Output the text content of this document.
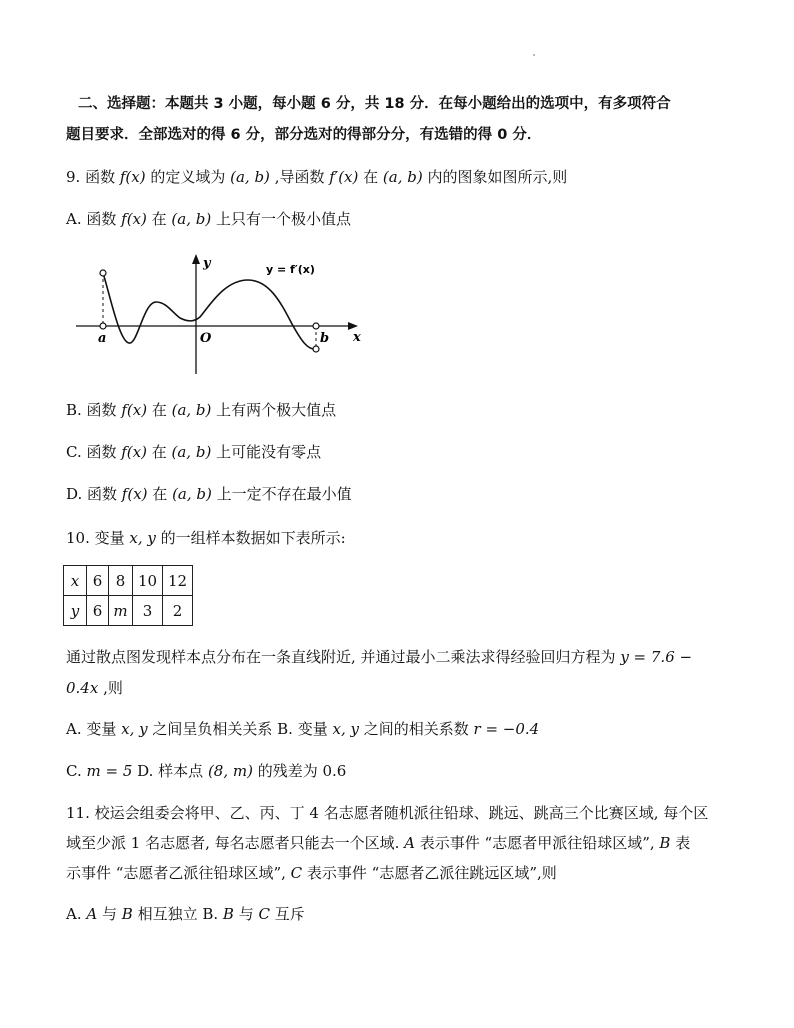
二、选择题：本题共 3 小题，每小题 6 分，共 18 分．在每小题给出的选项中，有多项符合
题目要求．全部选对的得 6 分，部分选对的得部分分，有选错的得 0 分．
9. 函数 f(x) 的定义域为 (a, b) ,导函数 f′(x) 在 (a, b) 内的图象如图所示,则
A. 函数 f(x) 在 (a, b) 上只有一个极小值点
y
x
O
a	b
y = f′(x)
B. 函数 f(x) 在 (a, b) 上有两个极大值点
C. 函数 f(x) 在 (a, b) 上可能没有零点
D. 函数 f(x) 在 (a, b) 上一定不存在最小值
10. 变量 x, y 的一组样本数据如下表所示:
x	6	8	10	12
y	6	m	3	2
通过散点图发现样本点分布在一条直线附近, 并通过最小二乘法求得经验回归方程为 y = 7.6 −
0.4x ,则
A. 变量 x, y 之间呈负相关关系 B. 变量 x, y 之间的相关系数 r = −0.4
C. m = 5 D. 样本点 (8, m) 的残差为 0.6
11. 校运会组委会将甲、乙、丙、丁 4 名志愿者随机派往铅球、跳远、跳高三个比赛区域, 每个区
域至少派 1 名志愿者, 每名志愿者只能去一个区域. A 表示事件 “志愿者甲派往铅球区域”, B 表
示事件 “志愿者乙派往铅球区域”, C 表示事件 “志愿者乙派往跳远区域”,则
A. A 与 B 相互独立 B. B 与 C 互斥
